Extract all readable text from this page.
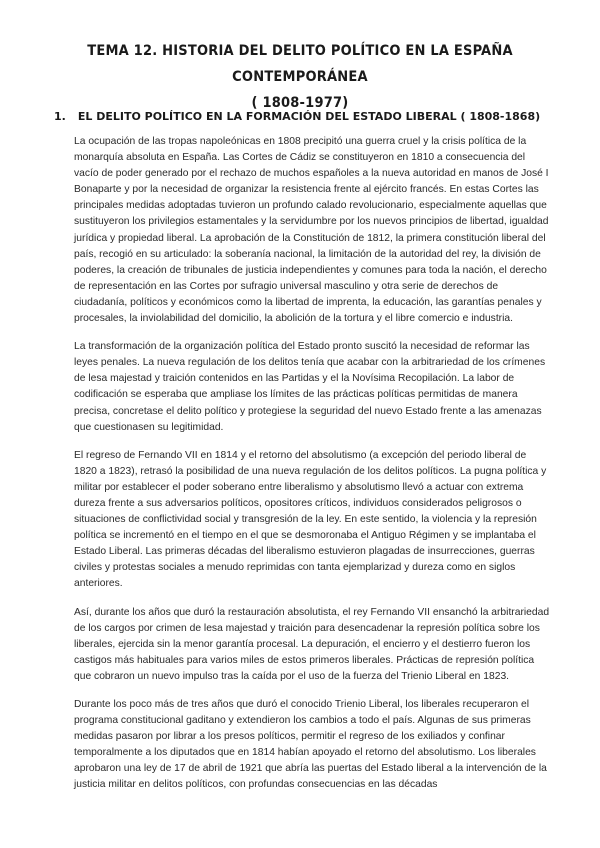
TEMA 12. HISTORIA DEL DELITO POLÍTICO EN LA ESPAÑA CONTEMPORÁNEA
( 1808-1977)
1. EL DELITO POLÍTICO EN LA FORMACIÓN DEL ESTADO LIBERAL ( 1808-1868)

La ocupación de las tropas napoleónicas en 1808 precipitó una guerra cruel y la crisis política de la monarquía absoluta en España. Las Cortes de Cádiz se constituyeron en 1810 a consecuencia del vacío de poder generado por el rechazo de muchos españoles a la nueva autoridad en manos de José I Bonaparte y por la necesidad de organizar la resistencia frente al ejército francés. En estas Cortes las principales medidas adoptadas tuvieron un profundo calado revolucionario, especialmente aquellas que sustituyeron los privilegios estamentales y la servidumbre por los nuevos principios de libertad, igualdad jurídica y propiedad liberal. La aprobación de la Constitución de 1812, la primera constitución liberal del país, recogió en su articulado: la soberanía nacional, la limitación de la autoridad del rey, la división de poderes, la creación de tribunales de justicia independientes y comunes para toda la nación, el derecho de representación en las Cortes por sufragio universal masculino y otra serie de derechos de ciudadanía, políticos y económicos como la libertad de imprenta, la educación, las garantías penales y procesales, la inviolabilidad del domicilio, la abolición de la tortura y el libre comercio e industria.

La transformación de la organización política del Estado pronto suscitó la necesidad de reformar las leyes penales. La nueva regulación de los delitos tenía que acabar con la arbitrariedad de los crímenes de lesa majestad y traición contenidos en las Partidas y el la Novísima Recopilación. La labor de codificación se esperaba que ampliase los límites de las prácticas políticas permitidas de manera precisa, concretase el delito político y protegiese la seguridad del nuevo Estado frente a las amenazas que cuestionasen su legitimidad.

El regreso de Fernando VII en 1814 y el retorno del absolutismo (a excepción del periodo liberal de 1820 a 1823), retrasó la posibilidad de una nueva regulación de los delitos políticos. La pugna política y militar por establecer el poder soberano entre liberalismo y absolutismo llevó a actuar con extrema dureza frente a sus adversarios políticos, opositores críticos, individuos considerados peligrosos o situaciones de conflictividad social y transgresión de la ley. En este sentido, la violencia y la represión política se incrementó en el tiempo en el que se desmoronaba el Antiguo Régimen y se implantaba el Estado Liberal. Las primeras décadas del liberalismo estuvieron plagadas de insurrecciones, guerras civiles y protestas sociales a menudo reprimidas con tanta ejemplarizad y dureza como en siglos anteriores.

Así, durante los años que duró la restauración absolutista, el rey Fernando VII ensanchó la arbitrariedad de los cargos por crimen de lesa majestad y traición para desencadenar la represión política sobre los liberales, ejercida sin la menor garantía procesal. La depuración, el encierro y el destierro fueron los castigos más habituales para varios miles de estos primeros liberales. Prácticas de represión política que cobraron un nuevo impulso tras la caída por el uso de la fuerza del Trienio Liberal en 1823.

Durante los poco más de tres años que duró el conocido Trienio Liberal, los liberales recuperaron el programa constitucional gaditano y extendieron los cambios a todo el país. Algunas de sus primeras medidas pasaron por librar a los presos políticos, permitir el regreso de los exiliados y confinar temporalmente a los diputados que en 1814 habían apoyado el retorno del absolutismo. Los liberales aprobaron una ley de 17 de abril de 1921 que abría las puertas del Estado liberal a la intervención de la justicia militar en delitos políticos, con profundas consecuencias en las décadas
